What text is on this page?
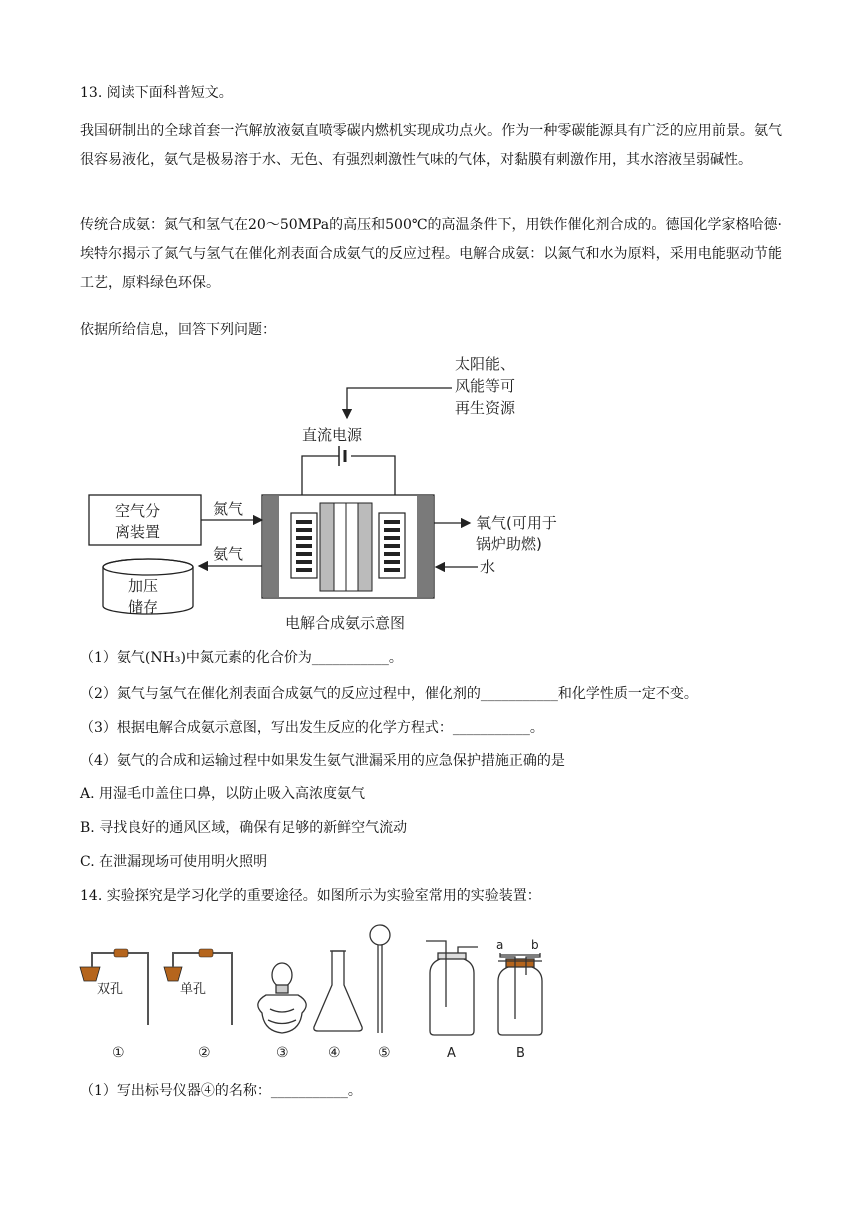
13. 阅读下面科普短文。
我国研制出的全球首套一汽解放液氨直喷零碳内燃机实现成功点火。作为一种零碳能源具有广泛的应用前景。氨气很容易液化，氨气是极易溶于水、无色、有强烈刺激性气味的气体，对黏膜有刺激作用，其水溶液呈弱碱性。
传统合成氨：氮气和氢气在20～50MPa的高压和500℃的高温条件下，用铁作催化剂合成的。德国化学家格哈德·埃特尔揭示了氮气与氢气在催化剂表面合成氨气的反应过程。电解合成氨：以氮气和水为原料，采用电能驱动节能工艺，原料绿色环保。
依据所给信息，回答下列问题：
太阳能、
风能等可
再生资源
直流电源
空气分
离装置
氮气
加压
储存
氨气
氧气(可用于
锅炉助燃)
水
电解合成氨示意图
（1）氨气(NH₃)中氮元素的化合价为___________。
（2）氮气与氢气在催化剂表面合成氨气的反应过程中，催化剂的___________和化学性质一定不变。
（3）根据电解合成氨示意图，写出发生反应的化学方程式：___________。
（4）氨气的合成和运输过程中如果发生氨气泄漏采用的应急保护措施正确的是
A. 用湿毛巾盖住口鼻，以防止吸入高浓度氨气
B. 寻找良好的通风区域，确保有足够的新鲜空气流动
C. 在泄漏现场可使用明火照明
14. 实验探究是学习化学的重要途径。如图所示为实验室常用的实验装置：
双孔	单孔
a b
①	②	③	④	⑤	A	B
（1）写出标号仪器④的名称：___________。
